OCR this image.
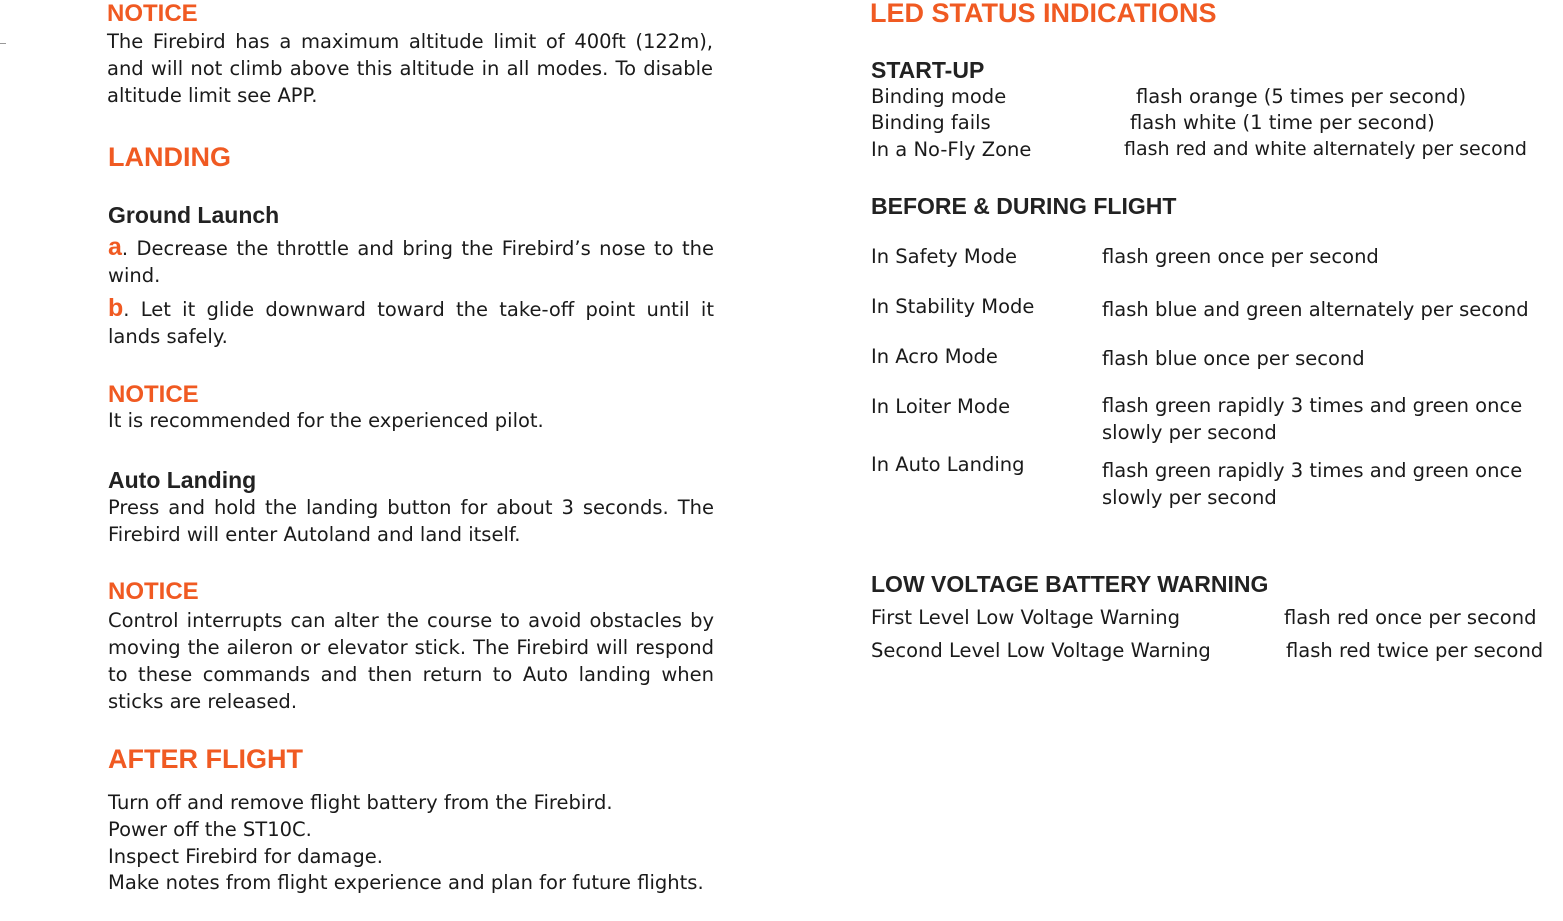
NOTICE
The Firebird has a maximum altitude limit of 400ft (122m), and will not climb above this altitude in all modes. To disable altitude limit see APP.
LANDING
Ground Launch
a. Decrease the throttle and bring the Firebird’s nose to the wind.
b. Let it glide downward toward the take-off point until it lands safely.
NOTICE
It is recommended for the experienced pilot.
Auto Landing
Press and hold the landing button for about 3 seconds. The Firebird will enter Autoland and land itself.
NOTICE
Control interrupts can alter the course to avoid obstacles by moving the aileron or elevator stick. The Firebird will respond to these commands and then return to Auto landing when sticks are released.
AFTER FLIGHT
Turn off and remove flight battery from the Firebird.
Power off the ST10C.
Inspect Firebird for damage.
Make notes from flight experience and plan for future flights.
LED STATUS INDICATIONS
START-UP
Binding mode	flash orange (5 times per second)
Binding fails	flash white (1 time per second)
In a No-Fly Zone	flash red and white alternately per second
BEFORE & DURING FLIGHT
In Safety Mode	flash green once per second
In Stability Mode	flash blue and green alternately per second
In Acro Mode	flash blue once per second
In Loiter Mode	flash green rapidly 3 times and green once
slowly per second
In Auto Landing	flash green rapidly 3 times and green once
slowly per second
LOW VOLTAGE BATTERY WARNING
First Level Low Voltage Warning	flash red once per second
Second Level Low Voltage Warning	flash red twice per second
